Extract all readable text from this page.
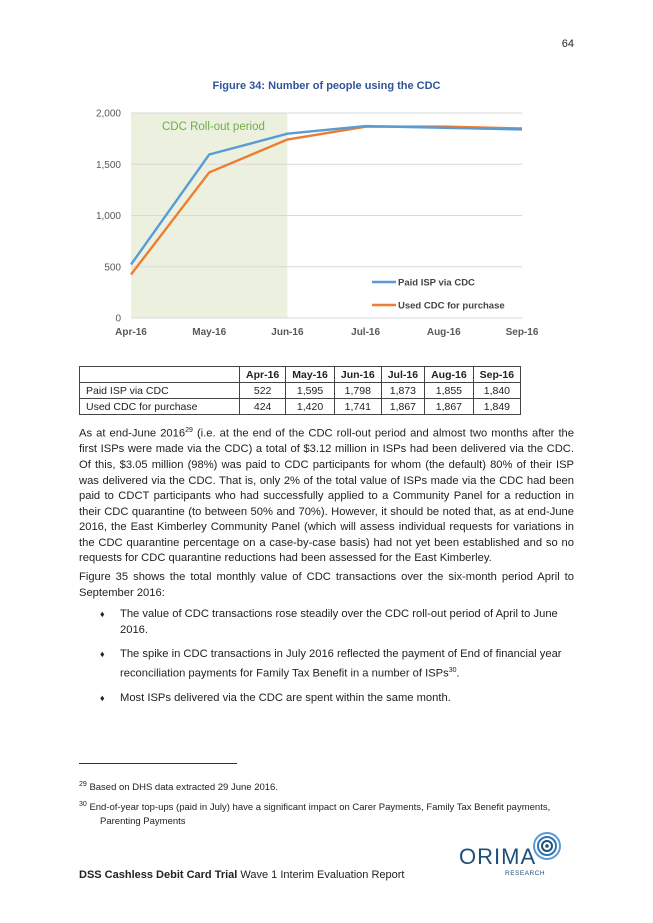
64
Figure 34: Number of people using the CDC
0
500
1,000
1,500
2,000
Apr-16	May-16	Jun-16	Jul-16	Aug-16	Sep-16
CDC Roll-out period
Paid ISP via CDC
Used CDC for purchase
	Apr-16	May-16	Jun-16	Jul-16	Aug-16	Sep-16
Paid ISP via CDC	522	1,595	1,798	1,873	1,855	1,840
Used CDC for purchase	424	1,420	1,741	1,867	1,867	1,849
As at end-June 2016$^{29}$ (i.e. at the end of the CDC roll-out period and almost two months after the first ISPs were made via the CDC) a total of $3.12 million in ISPs had been delivered via the CDC. Of this, $3.05 million (98%) was paid to CDC participants for whom (the default) 80% of their ISP was delivered via the CDC. That is, only 2% of the total value of ISPs made via the CDC had been paid to CDCT participants who had successfully applied to a Community Panel for a reduction in their CDC quarantine (to between 50% and 70%). However, it should be noted that, as at end-June 2016, the East Kimberley Community Panel (which will assess individual requests for variations in the CDC quarantine percentage on a case-by-case basis) had not yet been established and so no requests for CDC quarantine reductions had been assessed for the East Kimberley.
Figure 35 shows the total monthly value of CDC transactions over the six-month period April to September 2016:
♦ The value of CDC transactions rose steadily over the CDC roll-out period of April to June 2016.
♦ The spike in CDC transactions in July 2016 reflected the payment of End of financial year reconciliation payments for Family Tax Benefit in a number of ISPs$^{30}$.
♦ Most ISPs delivered via the CDC are spent within the same month.
$^{29}$ Based on DHS data extracted 29 June 2016.
$^{30}$ End-of-year top-ups (paid in July) have a significant impact on Carer Payments, Family Tax Benefit payments,
Parenting Payments
DSS Cashless Debit Card Trial Wave 1 Interim Evaluation Report
ORIMA
RESEARCH
